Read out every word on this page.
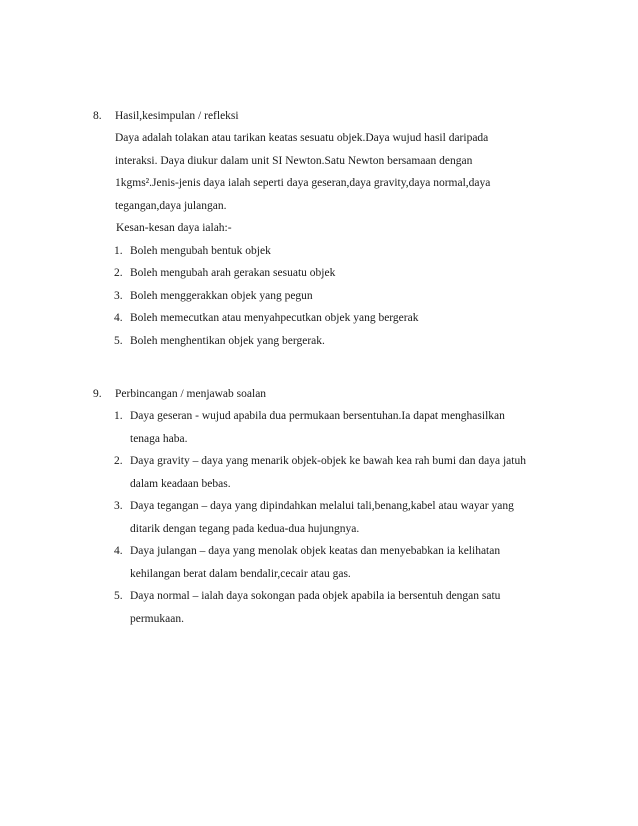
8. Hasil,kesimpulan / refleksi
Daya adalah tolakan atau tarikan keatas sesuatu objek.Daya wujud hasil daripada
interaksi. Daya diukur dalam unit SI Newton.Satu Newton bersamaan dengan
1kgms².Jenis-jenis daya ialah seperti daya geseran,daya gravity,daya normal,daya
tegangan,daya julangan.
Kesan-kesan daya ialah:-
1. Boleh mengubah bentuk objek
2. Boleh mengubah arah gerakan sesuatu objek
3. Boleh menggerakkan objek yang pegun
4. Boleh memecutkan atau menyahpecutkan objek yang bergerak
5. Boleh menghentikan objek yang bergerak.
9. Perbincangan / menjawab soalan
1. Daya geseran - wujud apabila dua permukaan bersentuhan.Ia dapat menghasilkan
tenaga haba.
2. Daya gravity – daya yang menarik objek-objek ke bawah kea rah bumi dan daya jatuh
dalam keadaan bebas.
3. Daya tegangan – daya yang dipindahkan melalui tali,benang,kabel atau wayar yang
ditarik dengan tegang pada kedua-dua hujungnya.
4. Daya julangan – daya yang menolak objek keatas dan menyebabkan ia kelihatan
kehilangan berat dalam bendalir,cecair atau gas.
5. Daya normal – ialah daya sokongan pada objek apabila ia bersentuh dengan satu
permukaan.
